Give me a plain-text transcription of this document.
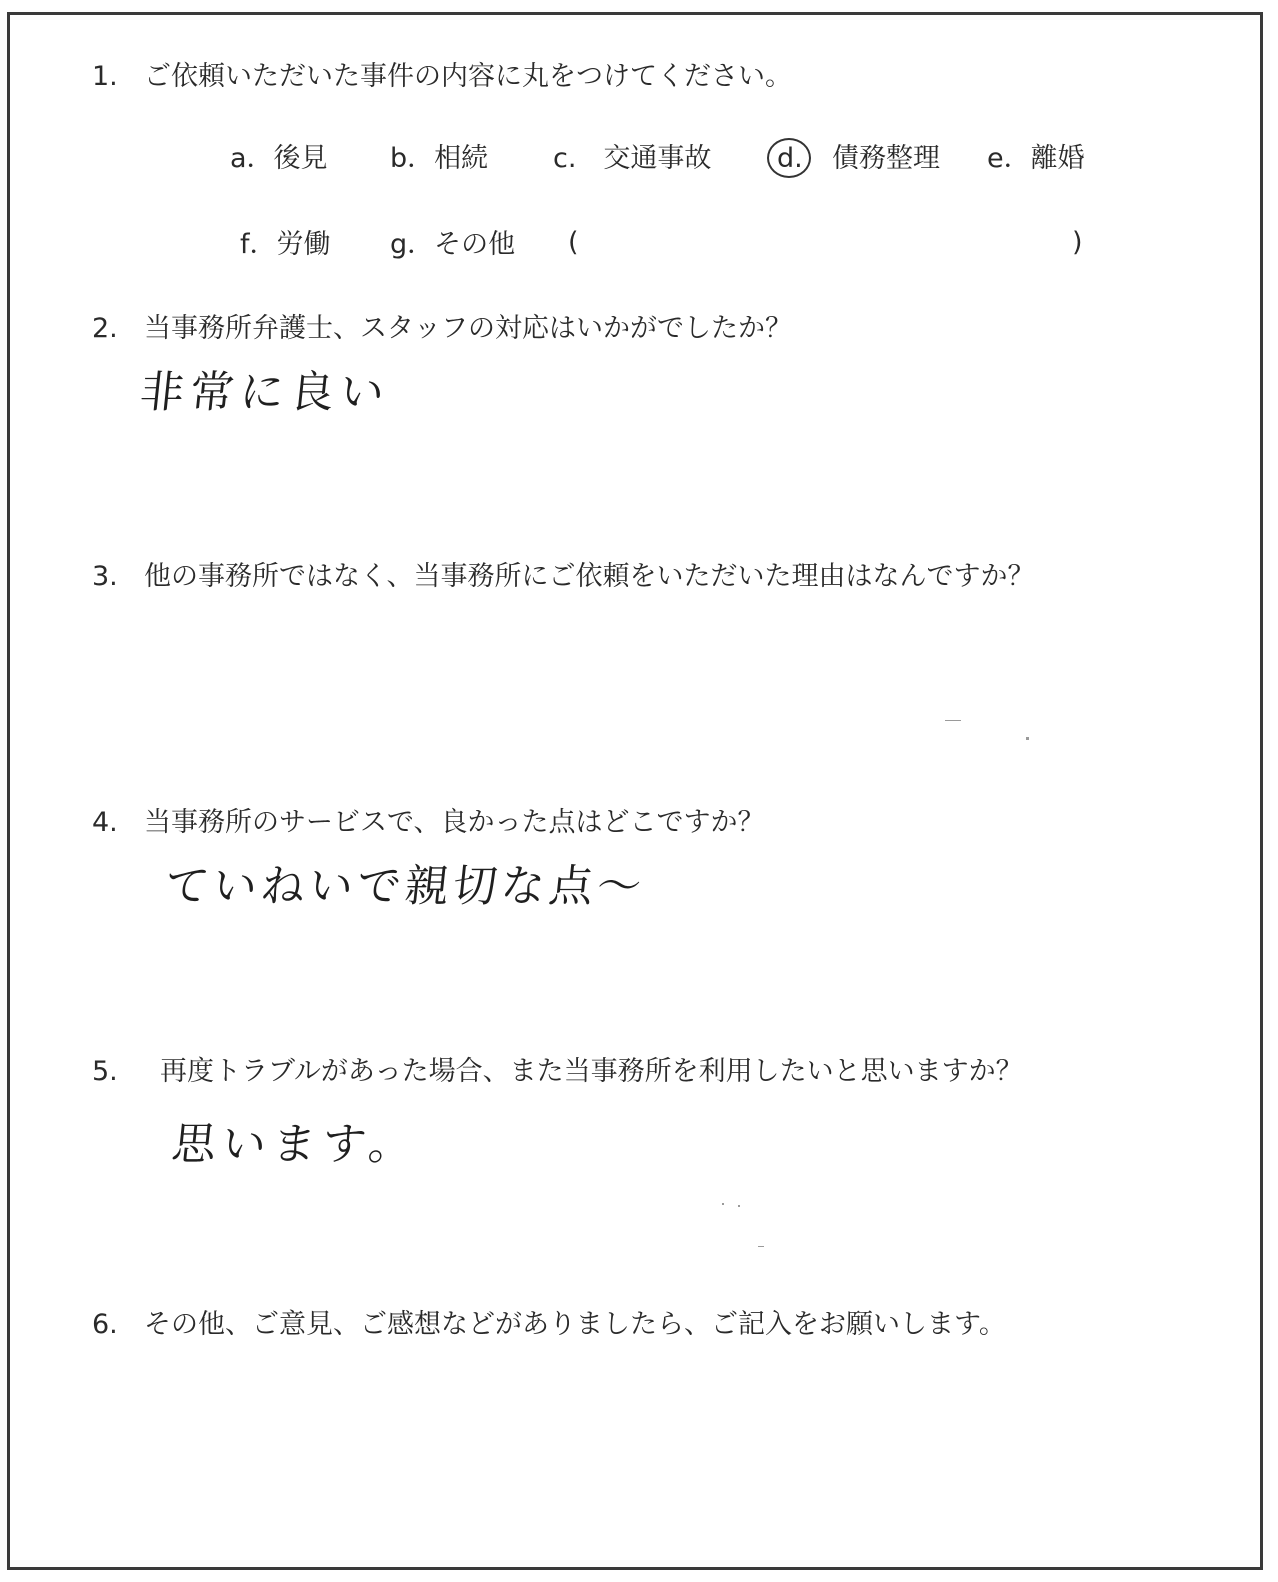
1. ご依頼いただいた事件の内容に丸をつけてください。
a．後見 b．相続 c.　交通事故 d. 債務整理 e．離婚
f．労働 g．その他 (	)
2. 当事務所弁護士、スタッフの対応はいかがでしたか？
非常に良い
3. 他の事務所ではなく、当事務所にご依頼をいただいた理由はなんですか？
4. 当事務所のサービスで、良かった点はどこですか？
ていねいで親切な点～
5. 再度トラブルがあった場合、また当事務所を利用したいと思いますか？
思います。
6. その他、ご意見、ご感想などがありましたら、ご記入をお願いします。
